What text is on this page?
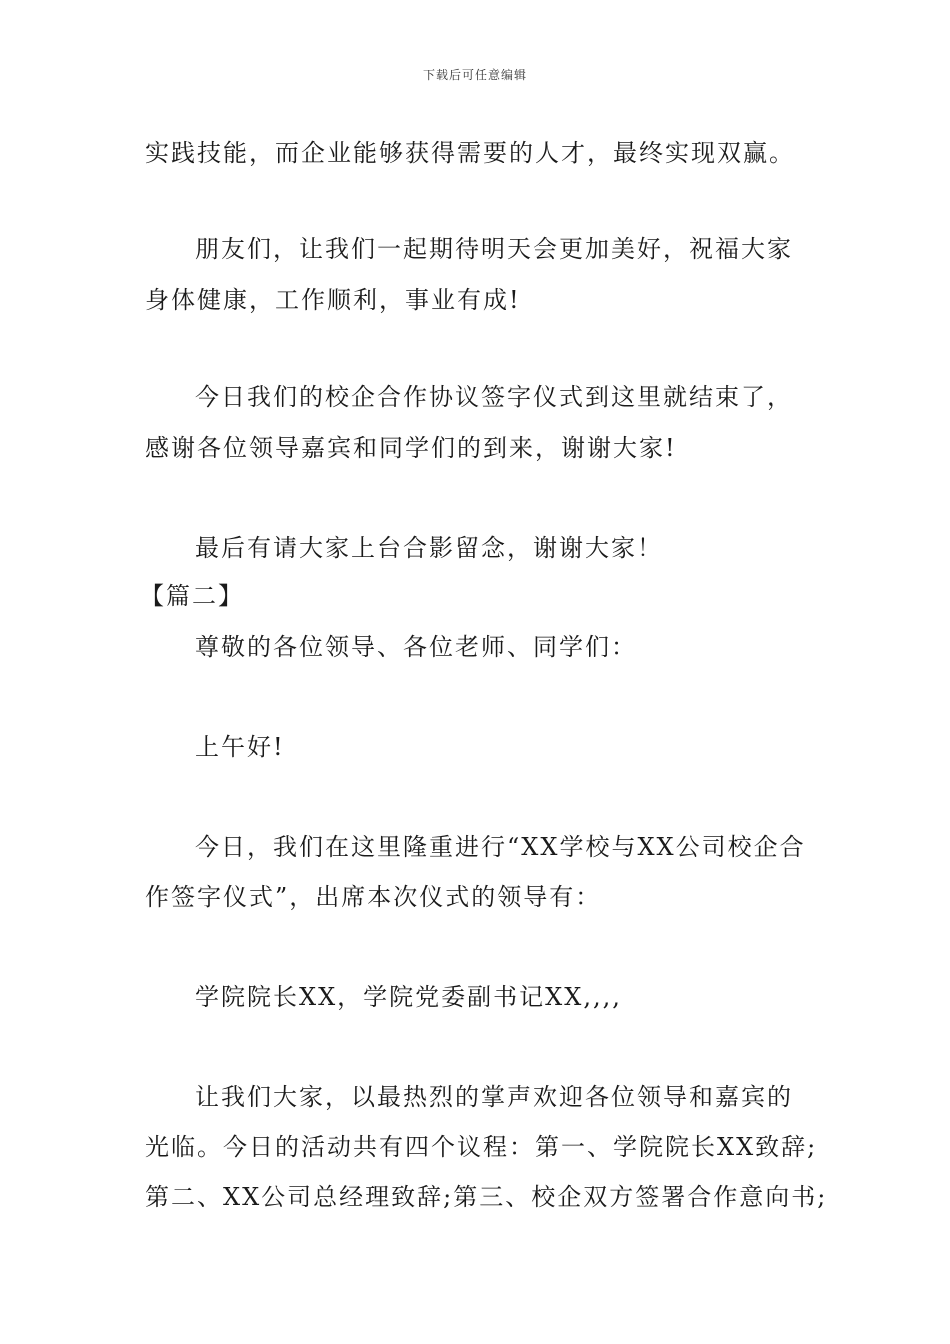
下载后可任意编辑
实践技能，而企业能够获得需要的人才，最终实现双赢。
朋友们，让我们一起期待明天会更加美好，祝福大家
身体健康，工作顺利，事业有成!
今日我们的校企合作协议签字仪式到这里就结束了，
感谢各位领导嘉宾和同学们的到来，谢谢大家!
最后有请大家上台合影留念，谢谢大家！
【篇二】
尊敬的各位领导、各位老师、同学们：
上午好!
今日，我们在这里隆重进行“XX学校与XX公司校企合
作签字仪式”，出席本次仪式的领导有：
学院院长XX，学院党委副书记XX,,,,
让我们大家，以最热烈的掌声欢迎各位领导和嘉宾的
光临。今日的活动共有四个议程：第一、学院院长XX致辞;
第二、XX公司总经理致辞;第三、校企双方签署合作意向书;
